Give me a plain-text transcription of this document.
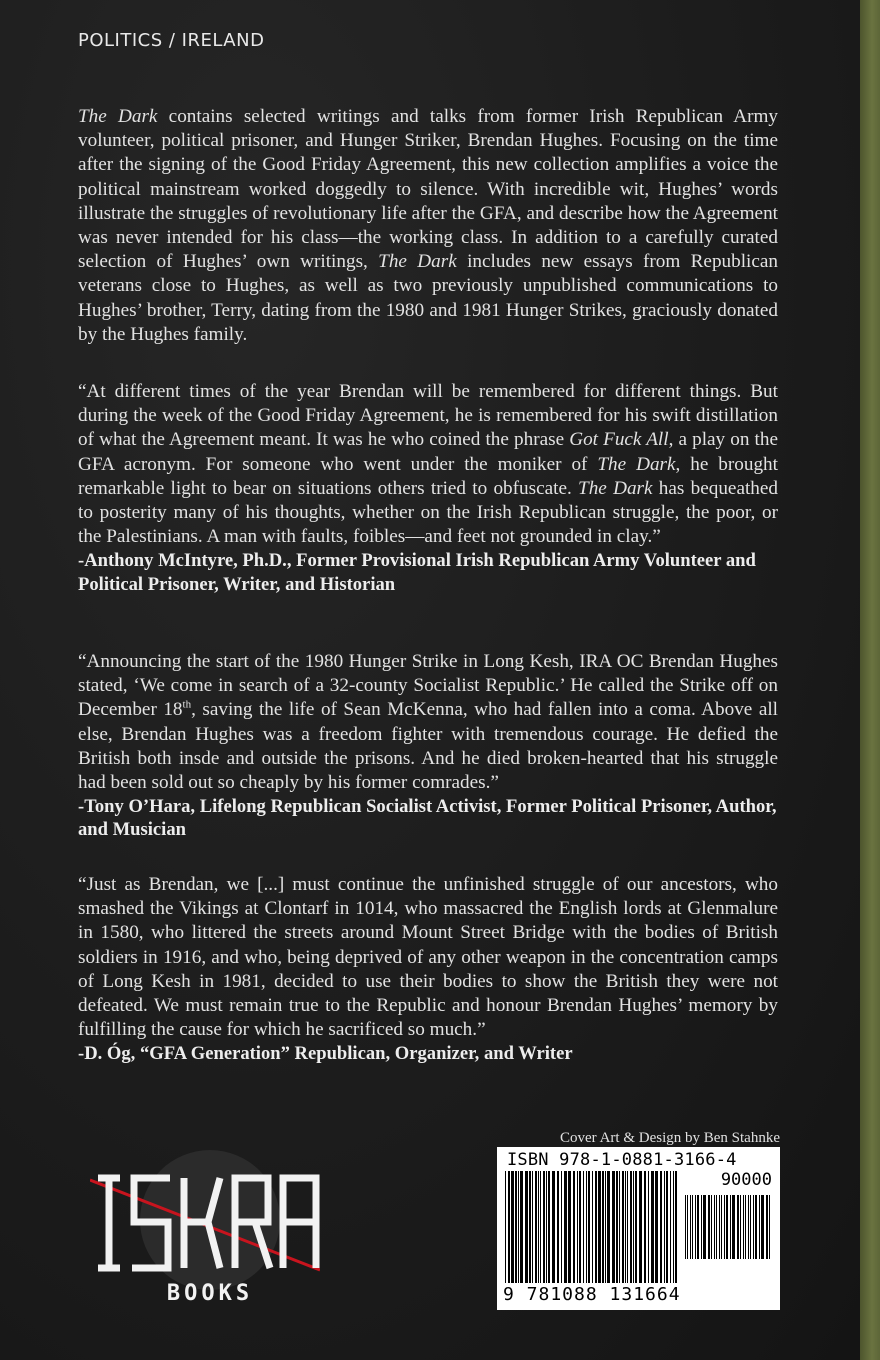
POLITICS / IRELAND

The Dark contains selected writings and talks from former Irish Republican Army volunteer, political prisoner, and Hunger Striker, Brendan Hughes. Focusing on the time after the signing of the Good Friday Agreement, this new collection amplifies a voice the political mainstream worked doggedly to silence. With incredible wit, Hughes’ words illustrate the struggles of revolutionary life after the GFA, and describe how the Agreement was never intended for his class—the working class. In addition to a carefully curated selection of Hughes’ own writings, The Dark includes new essays from Republican veterans close to Hughes, as well as two previously unpublished communications to Hughes’ brother, Terry, dating from the 1980 and 1981 Hunger Strikes, graciously donated by the Hughes family.

“At different times of the year Brendan will be remembered for different things. But during the week of the Good Friday Agreement, he is remembered for his swift distillation of what the Agreement meant. It was he who coined the phrase Got Fuck All, a play on the GFA acronym. For someone who went under the moniker of The Dark, he brought remarkable light to bear on situations others tried to obfuscate. The Dark has bequeathed to posterity many of his thoughts, whether on the Irish Republican struggle, the poor, or the Palestinians. A man with faults, foibles—and feet not grounded in clay.”
-Anthony McIntyre, Ph.D., Former Provisional Irish Republican Army Volunteer and Political Prisoner, Writer, and Historian
“Announcing the start of the 1980 Hunger Strike in Long Kesh, IRA OC Brendan Hughes stated, ‘We come in search of a 32-county Socialist Republic.’ He called the Strike off on December 18th, saving the life of Sean McKenna, who had fallen into a coma. Above all else, Brendan Hughes was a freedom fighter with tremendous courage. He defied the British both insde and outside the prisons. And he died broken-hearted that his struggle had been sold out so cheaply by his former comrades.”
-Tony O’Hara, Lifelong Republican Socialist Activist, Former Political Prisoner, Author, and Musician
“Just as Brendan, we [...] must continue the unfinished struggle of our ancestors, who smashed the Vikings at Clontarf in 1014, who massacred the English lords at Glenmalure in 1580, who littered the streets around Mount Street Bridge with the bodies of British soldiers in 1916, and who, being deprived of any other weapon in the concentration camps of Long Kesh in 1981, decided to use their bodies to show the British they were not defeated. We must remain true to the Republic and honour Brendan Hughes’ memory by fulfilling the cause for which he sacrificed so much.”
-D. Óg, “GFA Generation” Republican, Organizer, and Writer
BOOKS
Cover Art & Design by Ben Stahnke
ISBN 978-1-0881-3166-4
90000
9 781088 131664
